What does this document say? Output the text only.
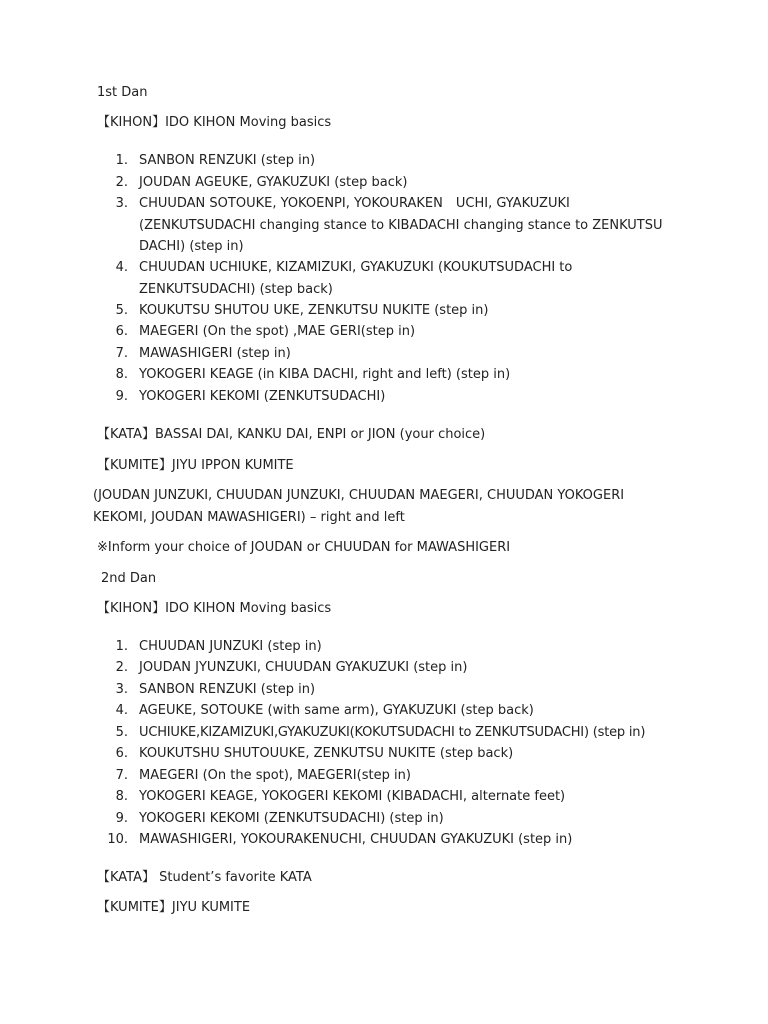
1st Dan
【KIHON】IDO KIHON Moving basics
1. SANBON RENZUKI (step in)
2. JOUDAN AGEUKE, GYAKUZUKI (step back)
3. CHUUDAN SOTOUKE, YOKOENPI, YOKOURAKEN　UCHI, GYAKUZUKI (ZENKUTSUDACHI changing stance to KIBADACHI changing stance to ZENKUTSU DACHI) (step in)
4. CHUUDAN UCHIUKE, KIZAMIZUKI, GYAKUZUKI (KOUKUTSUDACHI to ZENKUTSUDACHI) (step back)
5. KOUKUTSU SHUTOU UKE, ZENKUTSU NUKITE (step in)
6. MAEGERI (On the spot) ,MAE GERI(step in)
7. MAWASHIGERI (step in)
8. YOKOGERI KEAGE (in KIBA DACHI, right and left) (step in)
9. YOKOGERI KEKOMI (ZENKUTSUDACHI)
【KATA】BASSAI DAI, KANKU DAI, ENPI or JION (your choice)
【KUMITE】JIYU IPPON KUMITE
(JOUDAN JUNZUKI, CHUUDAN JUNZUKI, CHUUDAN MAEGERI, CHUUDAN YOKOGERI KEKOMI, JOUDAN MAWASHIGERI) – right and left
※Inform your choice of JOUDAN or CHUUDAN for MAWASHIGERI
2nd Dan
【KIHON】IDO KIHON Moving basics
1. CHUUDAN JUNZUKI (step in)
2. JOUDAN JYUNZUKI, CHUUDAN GYAKUZUKI (step in)
3. SANBON RENZUKI (step in)
4. AGEUKE, SOTOUKE (with same arm), GYAKUZUKI (step back)
5. UCHIUKE,KIZAMIZUKI,GYAKUZUKI(KOKUTSUDACHI to ZENKUTSUDACHI) (step in)
6. KOUKUTSHU SHUTOUUKE, ZENKUTSU NUKITE (step back)
7. MAEGERI (On the spot), MAEGERI(step in)
8. YOKOGERI KEAGE, YOKOGERI KEKOMI (KIBADACHI, alternate feet)
9. YOKOGERI KEKOMI (ZENKUTSUDACHI) (step in)
10. MAWASHIGERI, YOKOURAKENUCHI, CHUUDAN GYAKUZUKI (step in)
【KATA】 Student’s favorite KATA
【KUMITE】JIYU KUMITE
